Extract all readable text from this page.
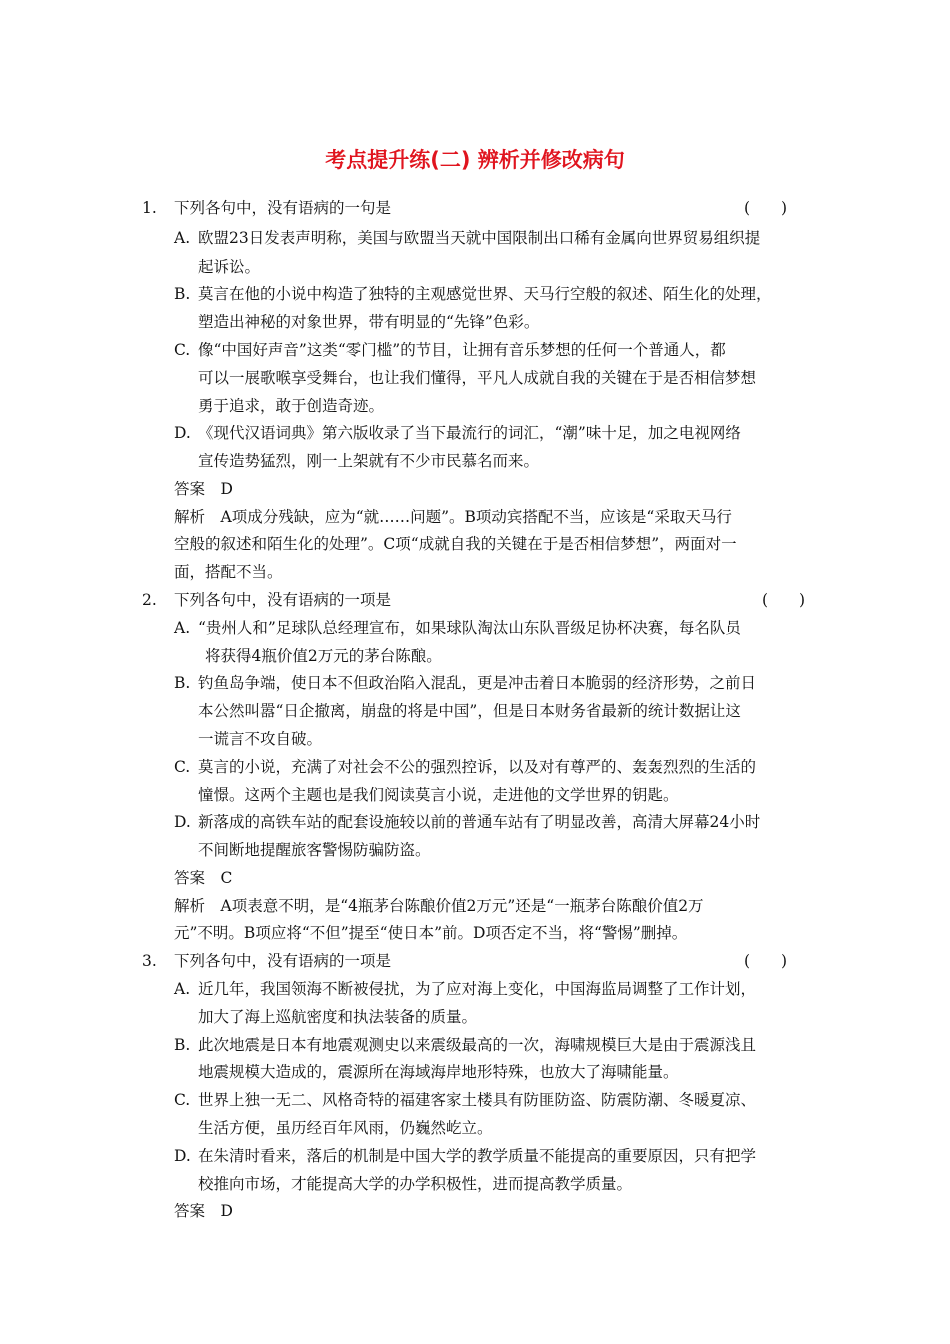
考点提升练(二) 辨析并修改病句
1. 下列各句中，没有语病的一句是	(　　)
A. 欧盟23日发表声明称，美国与欧盟当天就中国限制出口稀有金属向世界贸易组织提
起诉讼。
B. 莫言在他的小说中构造了独特的主观感觉世界、天马行空般的叙述、陌生化的处理，
塑造出神秘的对象世界，带有明显的“先锋”色彩。
C. 像“中国好声音”这类“零门槛”的节目，让拥有音乐梦想的任何一个普通人，都
可以一展歌喉享受舞台，也让我们懂得，平凡人成就自我的关键在于是否相信梦想
勇于追求，敢于创造奇迹。
D. 《现代汉语词典》第六版收录了当下最流行的词汇，“潮”味十足，加之电视网络
宣传造势猛烈，刚一上架就有不少市民慕名而来。
答案　D
解析　A项成分残缺，应为“就……问题”。B项动宾搭配不当，应该是“采取天马行
空般的叙述和陌生化的处理”。C项“成就自我的关键在于是否相信梦想”，两面对一
面，搭配不当。
2. 下列各句中，没有语病的一项是	(　　)
A. “贵州人和”足球队总经理宣布，如果球队淘汰山东队晋级足协杯决赛，每名队员
将获得4瓶价值2万元的茅台陈酿。
B. 钓鱼岛争端，使日本不但政治陷入混乱，更是冲击着日本脆弱的经济形势，之前日
本公然叫嚣“日企撤离，崩盘的将是中国”，但是日本财务省最新的统计数据让这
一谎言不攻自破。
C. 莫言的小说，充满了对社会不公的强烈控诉，以及对有尊严的、轰轰烈烈的生活的
憧憬。这两个主题也是我们阅读莫言小说，走进他的文学世界的钥匙。
D. 新落成的高铁车站的配套设施较以前的普通车站有了明显改善，高清大屏幕24小时
不间断地提醒旅客警惕防骗防盗。
答案　C
解析　A项表意不明，是“4瓶茅台陈酿价值2万元”还是“一瓶茅台陈酿价值2万
元”不明。B项应将“不但”提至“使日本”前。D项否定不当，将“警惕”删掉。
3. 下列各句中，没有语病的一项是	(　　)
A. 近几年，我国领海不断被侵扰，为了应对海上变化，中国海监局调整了工作计划，
加大了海上巡航密度和执法装备的质量。
B. 此次地震是日本有地震观测史以来震级最高的一次，海啸规模巨大是由于震源浅且
地震规模大造成的，震源所在海域海岸地形特殊，也放大了海啸能量。
C. 世界上独一无二、风格奇特的福建客家土楼具有防匪防盗、防震防潮、冬暖夏凉、
生活方便，虽历经百年风雨，仍巍然屹立。
D. 在朱清时看来，落后的机制是中国大学的教学质量不能提高的重要原因，只有把学
校推向市场，才能提高大学的办学积极性，进而提高教学质量。
答案　D
